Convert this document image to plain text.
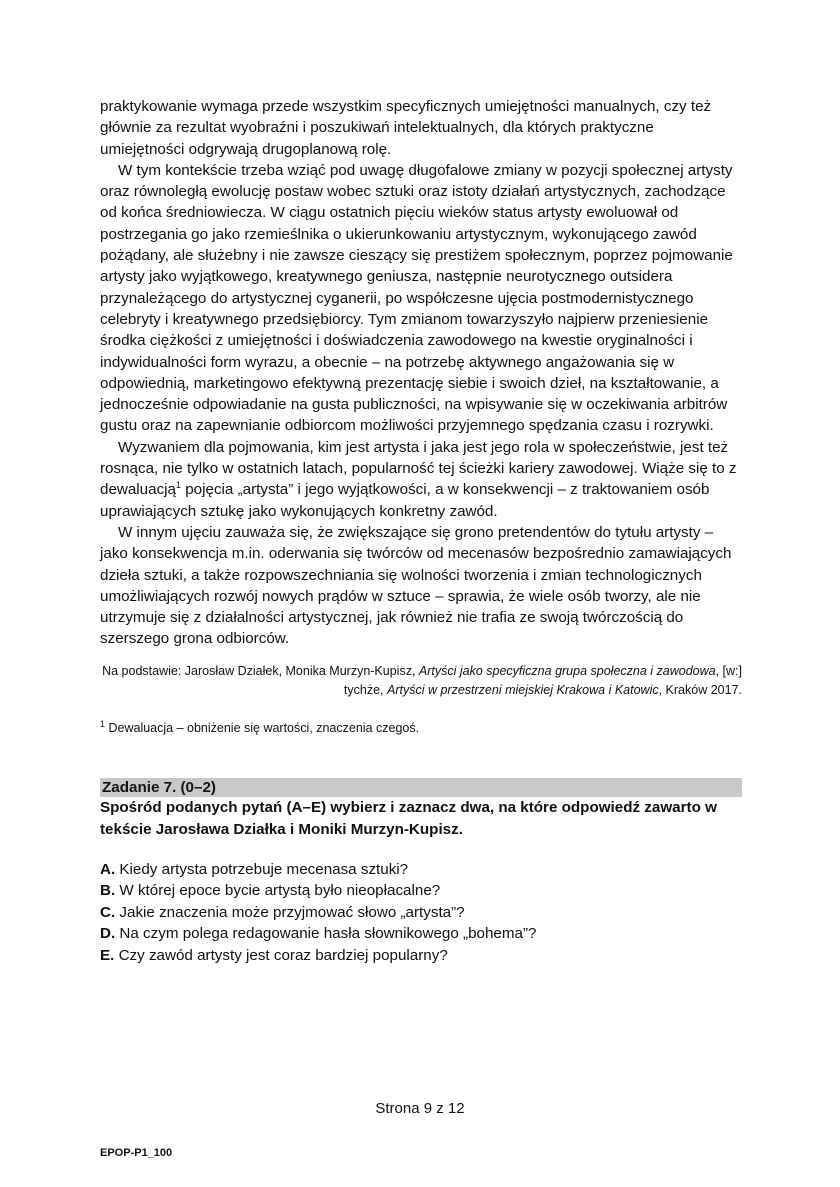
praktykowanie wymaga przede wszystkim specyficznych umiejętności manualnych, czy też głównie za rezultat wyobraźni i poszukiwań intelektualnych, dla których praktyczne umiejętności odgrywają drugoplanową rolę.

W tym kontekście trzeba wziąć pod uwagę długofalowe zmiany w pozycji społecznej artysty oraz równoległą ewolucję postaw wobec sztuki oraz istoty działań artystycznych, zachodzące od końca średniowiecza. W ciągu ostatnich pięciu wieków status artysty ewoluował od postrzegania go jako rzemieślnika o ukierunkowaniu artystycznym, wykonującego zawód pożądany, ale służebny i nie zawsze cieszący się prestiżem społecznym, poprzez pojmowanie artysty jako wyjątkowego, kreatywnego geniusza, następnie neurotycznego outsidera przynależącego do artystycznej cyganerii, po współczesne ujęcia postmodernistycznego celebryty i kreatywnego przedsiębiorcy. Tym zmianom towarzyszyło najpierw przeniesienie środka ciężkości z umiejętności i doświadczenia zawodowego na kwestie oryginalności i indywidualności form wyrazu, a obecnie – na potrzebę aktywnego angażowania się w odpowiednią, marketingowo efektywną prezentację siebie i swoich dzieł, na kształtowanie, a jednocześnie odpowiadanie na gusta publiczności, na wpisywanie się w oczekiwania arbitrów gustu oraz na zapewnianie odbiorcom możliwości przyjemnego spędzania czasu i rozrywki.

Wyzwaniem dla pojmowania, kim jest artysta i jaka jest jego rola w społeczeństwie, jest też rosnąca, nie tylko w ostatnich latach, popularność tej ścieżki kariery zawodowej. Wiąże się to z dewaluacją$^1$ pojęcia „artysta” i jego wyjątkowości, a w konsekwencji – z traktowaniem osób uprawiających sztukę jako wykonujących konkretny zawód.

W innym ujęciu zauważa się, że zwiększające się grono pretendentów do tytułu artysty – jako konsekwencja m.in. oderwania się twórców od mecenasów bezpośrednio zamawiających dzieła sztuki, a także rozpowszechniania się wolności tworzenia i zmian technologicznych umożliwiających rozwój nowych prądów w sztuce – sprawia, że wiele osób tworzy, ale nie utrzymuje się z działalności artystycznej, jak również nie trafia ze swoją twórczością do szerszego grona odbiorców.

Na podstawie: Jarosław Działek, Monika Murzyn-Kupisz, Artyści jako specyficzna grupa społeczna i zawodowa, [w:] tychże, Artyści w przestrzeni miejskiej Krakowa i Katowic, Kraków 2017.

$^1$ Dewaluacja – obniżenie się wartości, znaczenia czegoś.

Zadanie 7. (0–2)

Spośród podanych pytań (A–E) wybierz i zaznacz dwa, na które odpowiedź zawarto w tekście Jarosława Działka i Moniki Murzyn-Kupisz.

A. Kiedy artysta potrzebuje mecenasa sztuki?
B. W której epoce bycie artystą było nieopłacalne?
C. Jakie znaczenia może przyjmować słowo „artysta”?
D. Na czym polega redagowanie hasła słownikowego „bohema”?
E. Czy zawód artysty jest coraz bardziej popularny?
Strona 9 z 12
EPOP-P1_100
